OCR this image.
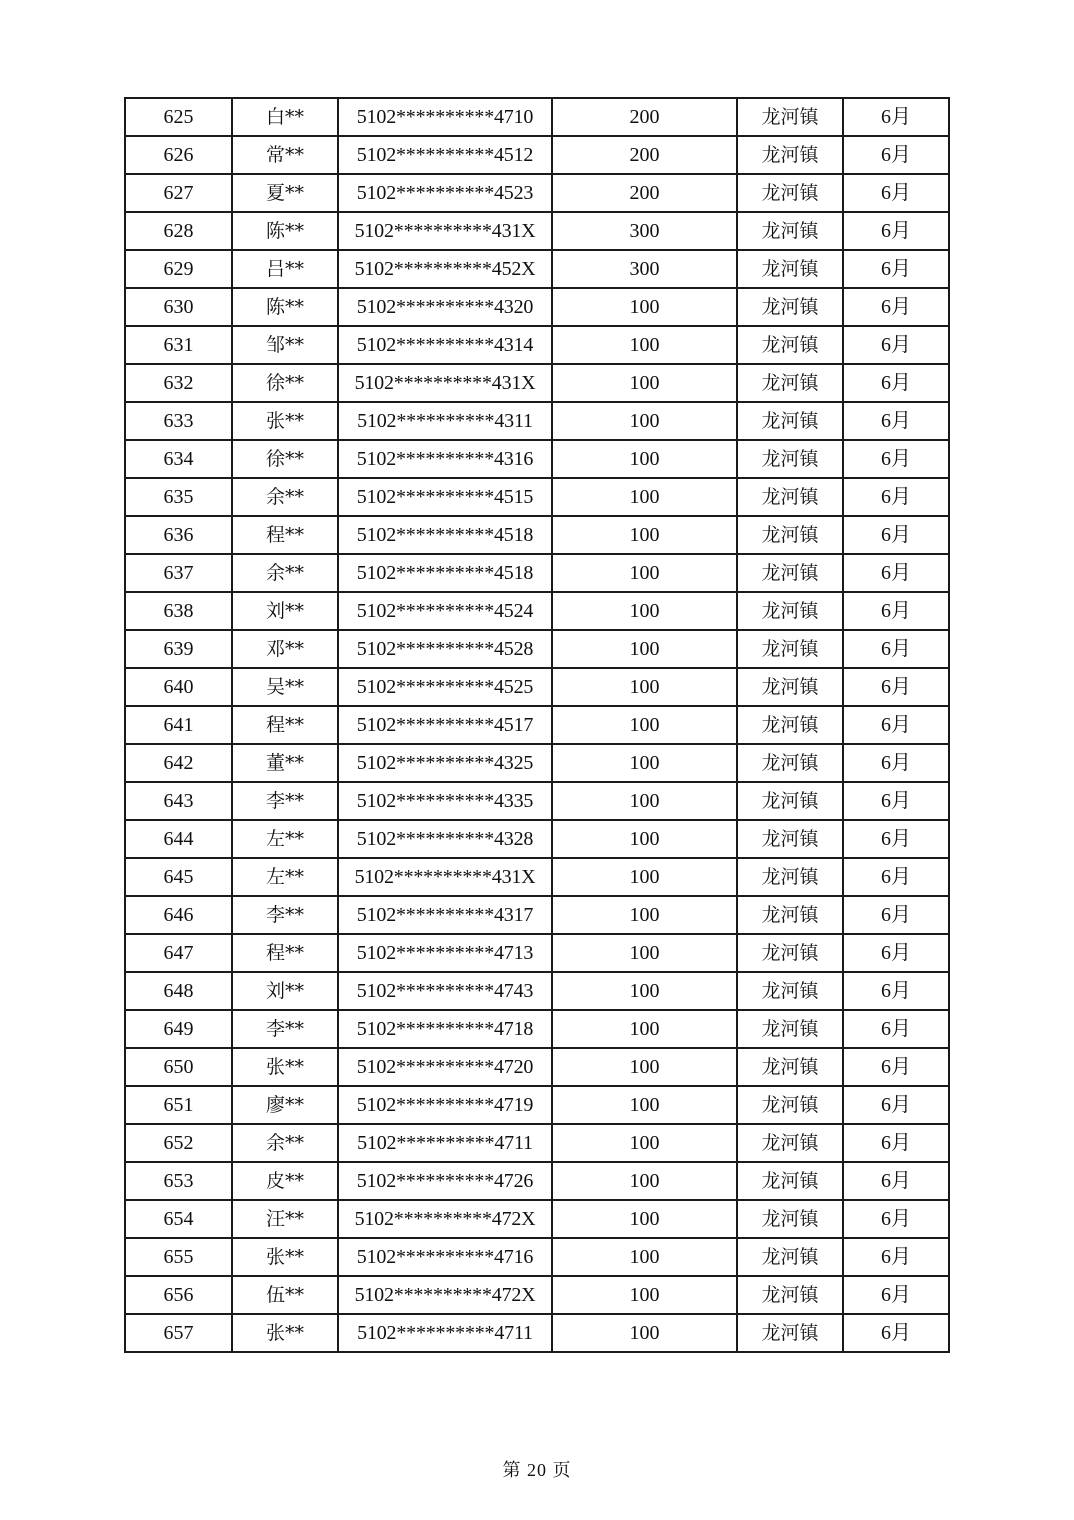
625	白**	5102**********4710	200	龙河镇	6月
626	常**	5102**********4512	200	龙河镇	6月
627	夏**	5102**********4523	200	龙河镇	6月
628	陈**	5102**********431X	300	龙河镇	6月
629	吕**	5102**********452X	300	龙河镇	6月
630	陈**	5102**********4320	100	龙河镇	6月
631	邹**	5102**********4314	100	龙河镇	6月
632	徐**	5102**********431X	100	龙河镇	6月
633	张**	5102**********4311	100	龙河镇	6月
634	徐**	5102**********4316	100	龙河镇	6月
635	余**	5102**********4515	100	龙河镇	6月
636	程**	5102**********4518	100	龙河镇	6月
637	余**	5102**********4518	100	龙河镇	6月
638	刘**	5102**********4524	100	龙河镇	6月
639	邓**	5102**********4528	100	龙河镇	6月
640	吴**	5102**********4525	100	龙河镇	6月
641	程**	5102**********4517	100	龙河镇	6月
642	董**	5102**********4325	100	龙河镇	6月
643	李**	5102**********4335	100	龙河镇	6月
644	左**	5102**********4328	100	龙河镇	6月
645	左**	5102**********431X	100	龙河镇	6月
646	李**	5102**********4317	100	龙河镇	6月
647	程**	5102**********4713	100	龙河镇	6月
648	刘**	5102**********4743	100	龙河镇	6月
649	李**	5102**********4718	100	龙河镇	6月
650	张**	5102**********4720	100	龙河镇	6月
651	廖**	5102**********4719	100	龙河镇	6月
652	余**	5102**********4711	100	龙河镇	6月
653	皮**	5102**********4726	100	龙河镇	6月
654	汪**	5102**********472X	100	龙河镇	6月
655	张**	5102**********4716	100	龙河镇	6月
656	伍**	5102**********472X	100	龙河镇	6月
657	张**	5102**********4711	100	龙河镇	6月
第 20 页
